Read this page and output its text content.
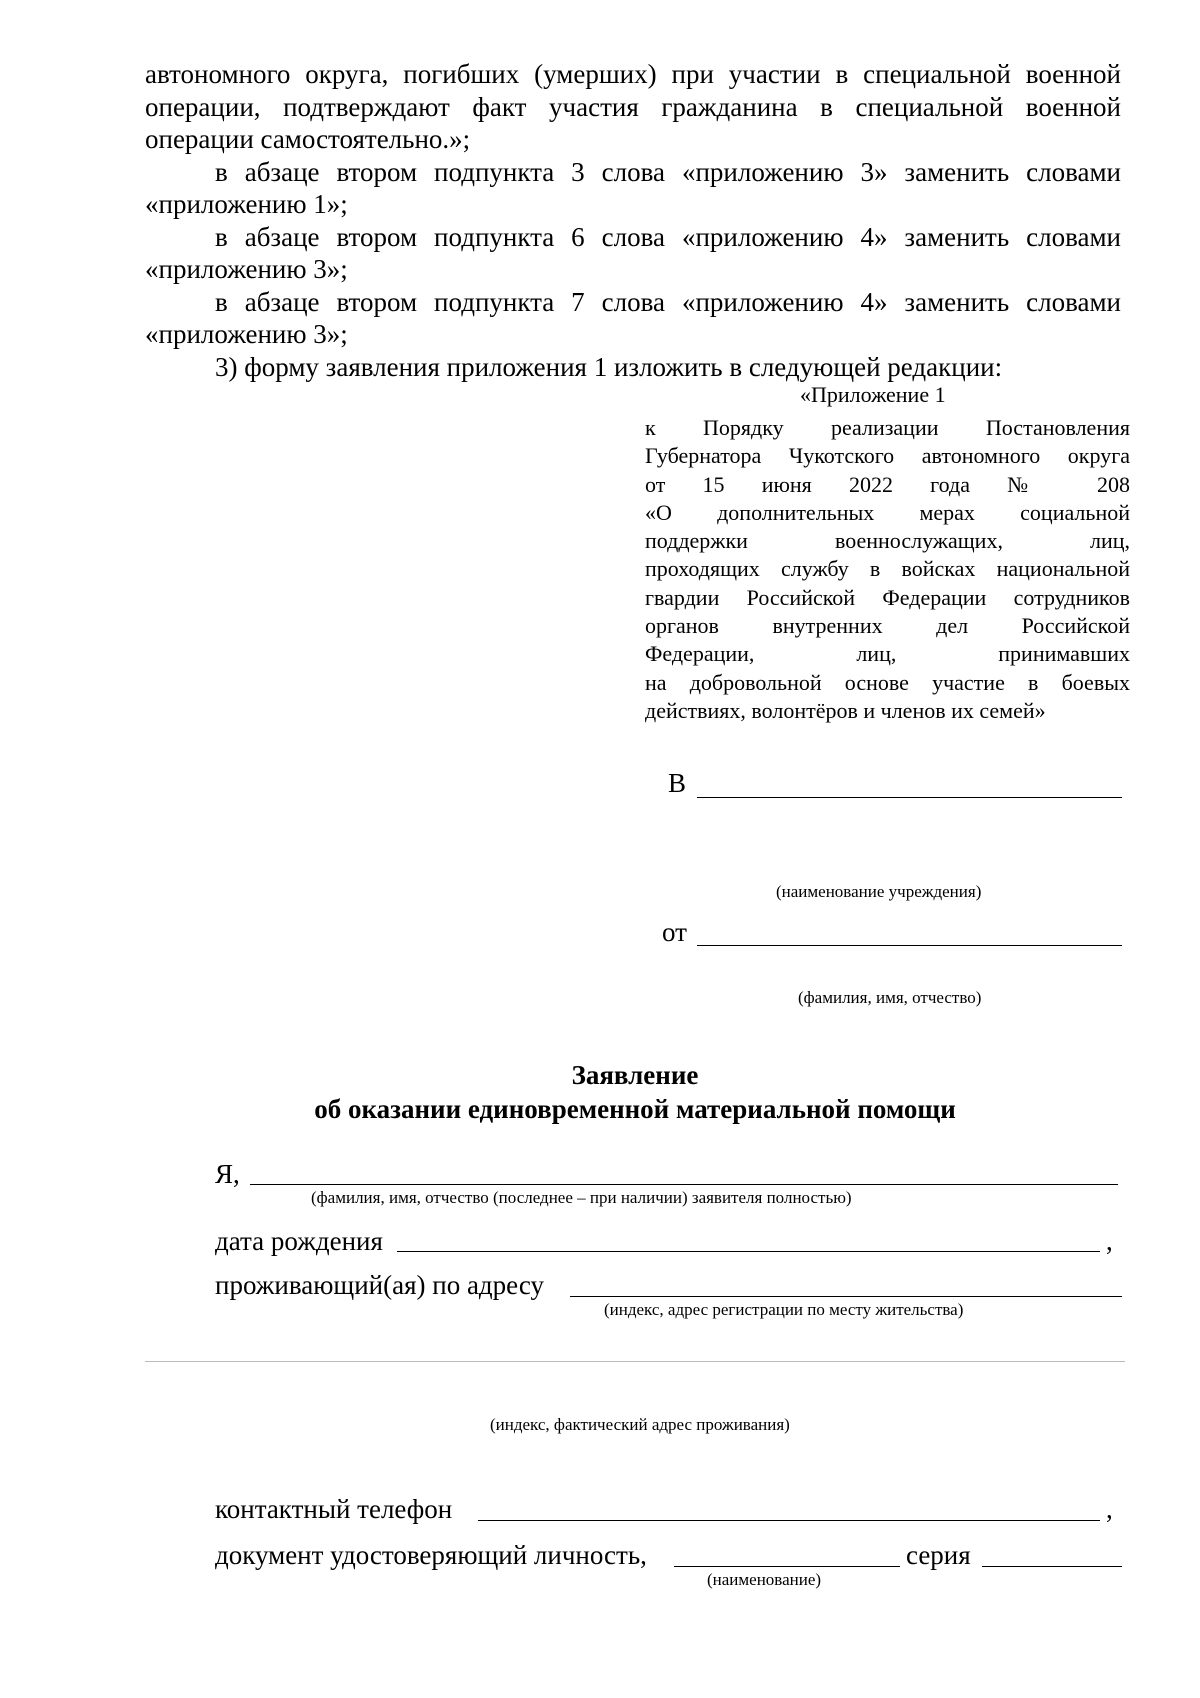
автономного округа, погибших (умерших) при участии в специальной военной операции, подтверждают факт участия гражданина в специальной военной операции самостоятельно.»;

в абзаце втором подпункта 3 слова «приложению 3» заменить словами «приложению 1»;

в абзаце втором подпункта 6 слова «приложению 4» заменить словами «приложению 3»;

в абзаце втором подпункта 7 слова «приложению 4» заменить словами «приложению 3»;

3) форму заявления приложения 1 изложить в следующей редакции:

«Приложение 1
к Порядку реализации Постановления
Губернатора Чукотского автономного округа
от 15 июня 2022 года № 208
«О дополнительных мерах социальной
поддержки военнослужащих, лиц,
проходящих службу в войсках национальной
гвардии Российской Федерации сотрудников
органов внутренних дел Российской
Федерации, лиц, принимавших
на добровольной основе участие в боевых
действиях, волонтёров и членов их семей»
В
(наименование учреждения)
от
(фамилия, имя, отчество)
Заявление
об оказании единовременной материальной помощи
Я,
(фамилия, имя, отчество (последнее – при наличии) заявителя полностью)
дата рождения	,
проживающий(ая) по адресу
(индекс, адрес регистрации по месту жительства)
(индекс, фактический адрес проживания)
контактный телефон	,
документ удостоверяющий личность,	серия
(наименование)
